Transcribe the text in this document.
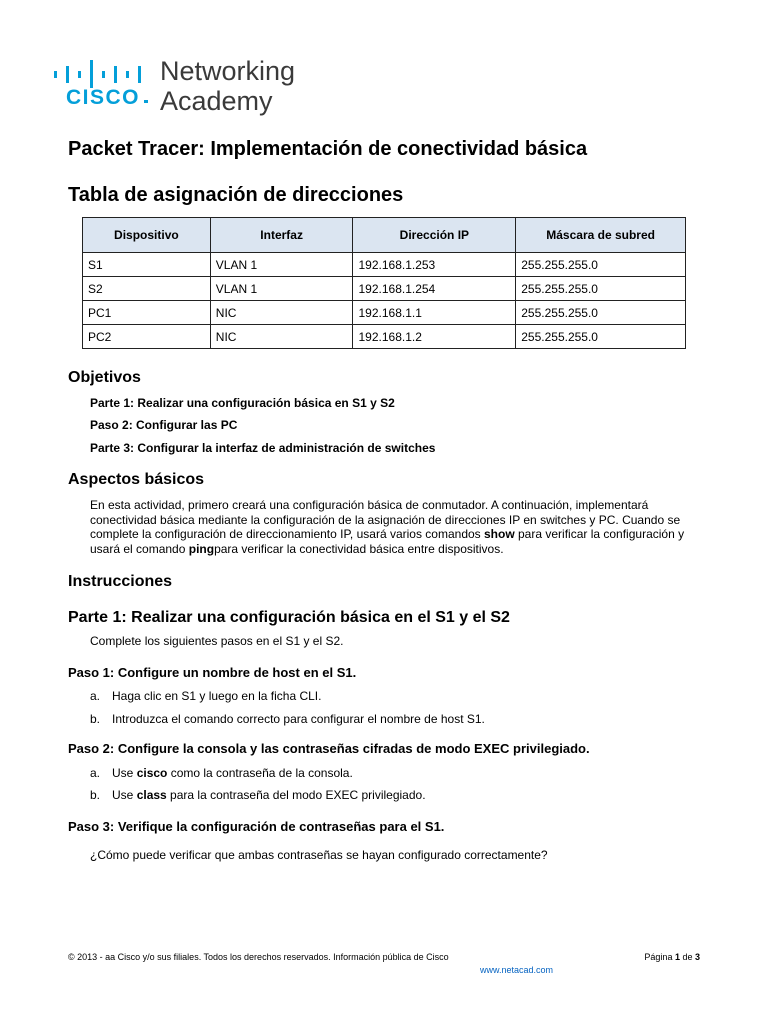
CISCO
Networking
Academy
Packet Tracer: Implementación de conectividad básica
Tabla de asignación de direcciones
Dispositivo	Interfaz	Dirección IP	Máscara de subred
S1	VLAN 1	192.168.1.253	255.255.255.0
S2	VLAN 1	192.168.1.254	255.255.255.0
PC1	NIC	192.168.1.1	255.255.255.0
PC2	NIC	192.168.1.2	255.255.255.0
Objetivos
Parte 1: Realizar una configuración básica en S1 y S2
Paso 2: Configurar las PC
Parte 3: Configurar la interfaz de administración de switches
Aspectos básicos
En esta actividad, primero creará una configuración básica de conmutador. A continuación, implementará conectividad básica mediante la configuración de la asignación de direcciones IP en switches y PC. Cuando se complete la configuración de direccionamiento IP, usará varios comandos show para verificar la configuración y usará el comando pingpara verificar la conectividad básica entre dispositivos.
Instrucciones
Parte 1: Realizar una configuración básica en el S1 y el S2
Complete los siguientes pasos en el S1 y el S2.
Paso 1: Configure un nombre de host en el S1.
a. Haga clic en S1 y luego en la ficha CLI.
b. Introduzca el comando correcto para configurar el nombre de host S1.
Paso 2: Configure la consola y las contraseñas cifradas de modo EXEC privilegiado.
a. Use cisco como la contraseña de la consola.
b. Use class para la contraseña del modo EXEC privilegiado.
Paso 3: Verifique la configuración de contraseñas para el S1.
¿Cómo puede verificar que ambas contraseñas se hayan configurado correctamente?
© 2013 - aa Cisco y/o sus filiales. Todos los derechos reservados. Información pública de Cisco	Página 1 de 3
www.netacad.com
